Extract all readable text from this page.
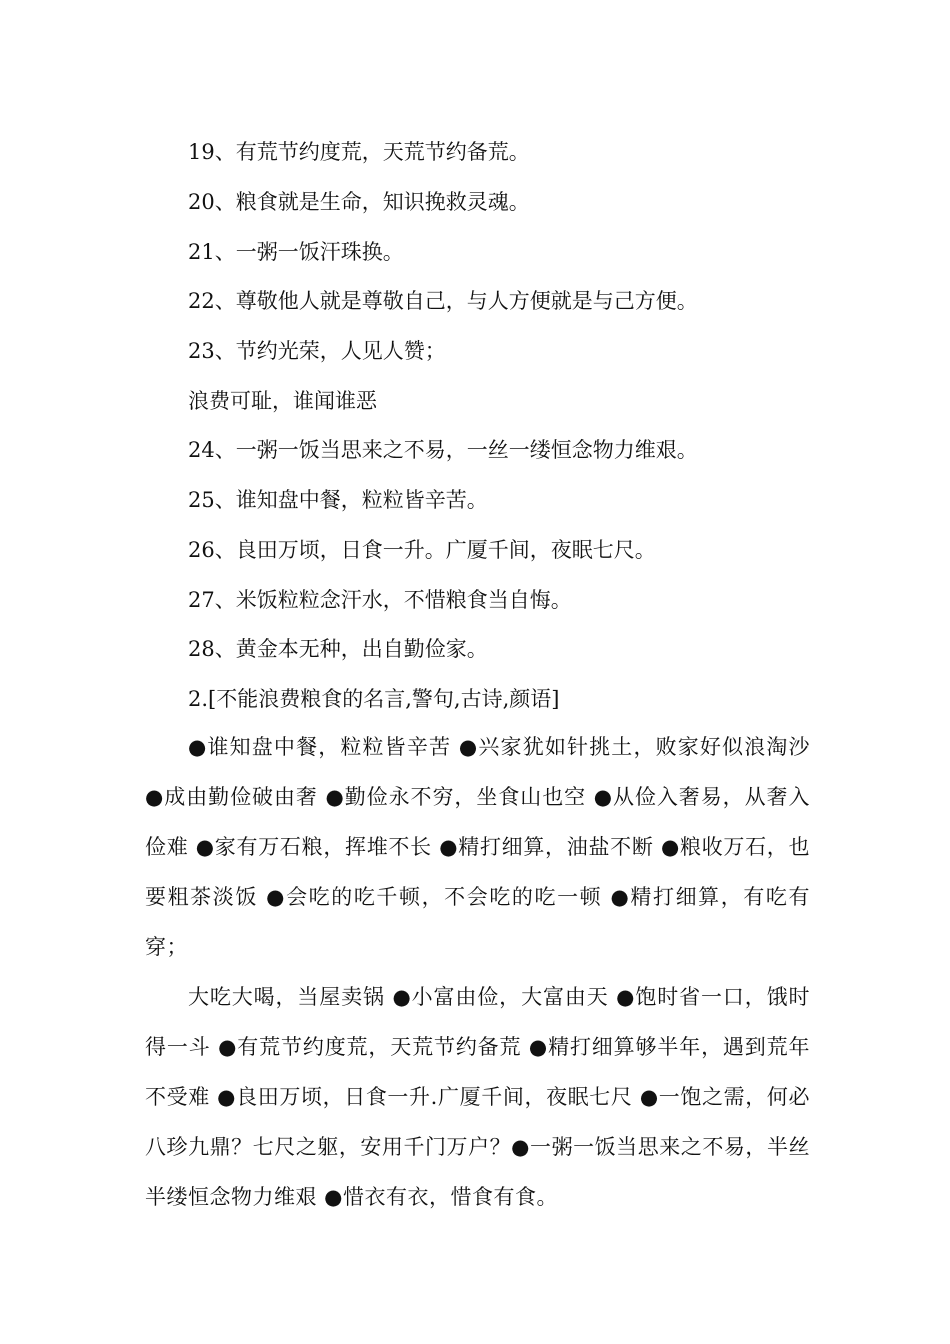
19、有荒节约度荒，天荒节约备荒。
20、粮食就是生命，知识挽救灵魂。
21、一粥一饭汗珠换。
22、尊敬他人就是尊敬自己，与人方便就是与己方便。
23、节约光荣，人见人赞；
浪费可耻，谁闻谁恶
24、一粥一饭当思来之不易，一丝一缕恒念物力维艰。
25、谁知盘中餐，粒粒皆辛苦。
26、良田万顷，日食一升。广厦千间，夜眠七尺。
27、米饭粒粒念汗水，不惜粮食当自悔。
28、黄金本无种，出自勤俭家。
2.[不能浪费粮食的名言,警句,古诗,颜语]
●谁知盘中餐，粒粒皆辛苦 ●兴家犹如针挑土，败家好似浪淘沙 ●成由勤俭破由奢 ●勤俭永不穷，坐食山也空 ●从俭入奢易，从奢入俭难 ●家有万石粮，挥堆不长 ●精打细算，油盐不断 ●粮收万石，也要粗茶淡饭 ●会吃的吃千顿，不会吃的吃一顿 ●精打细算，有吃有穿；
大吃大喝，当屋卖锅 ●小富由俭，大富由天 ●饱时省一口，饿时得一斗 ●有荒节约度荒，天荒节约备荒 ●精打细算够半年，遇到荒年不受难 ●良田万顷，日食一升.广厦千间，夜眠七尺 ●一饱之需，何必八珍九鼎？七尺之躯，安用千门万户？●一粥一饭当思来之不易，半丝半缕恒念物力维艰 ●惜衣有衣，惜食有食。
